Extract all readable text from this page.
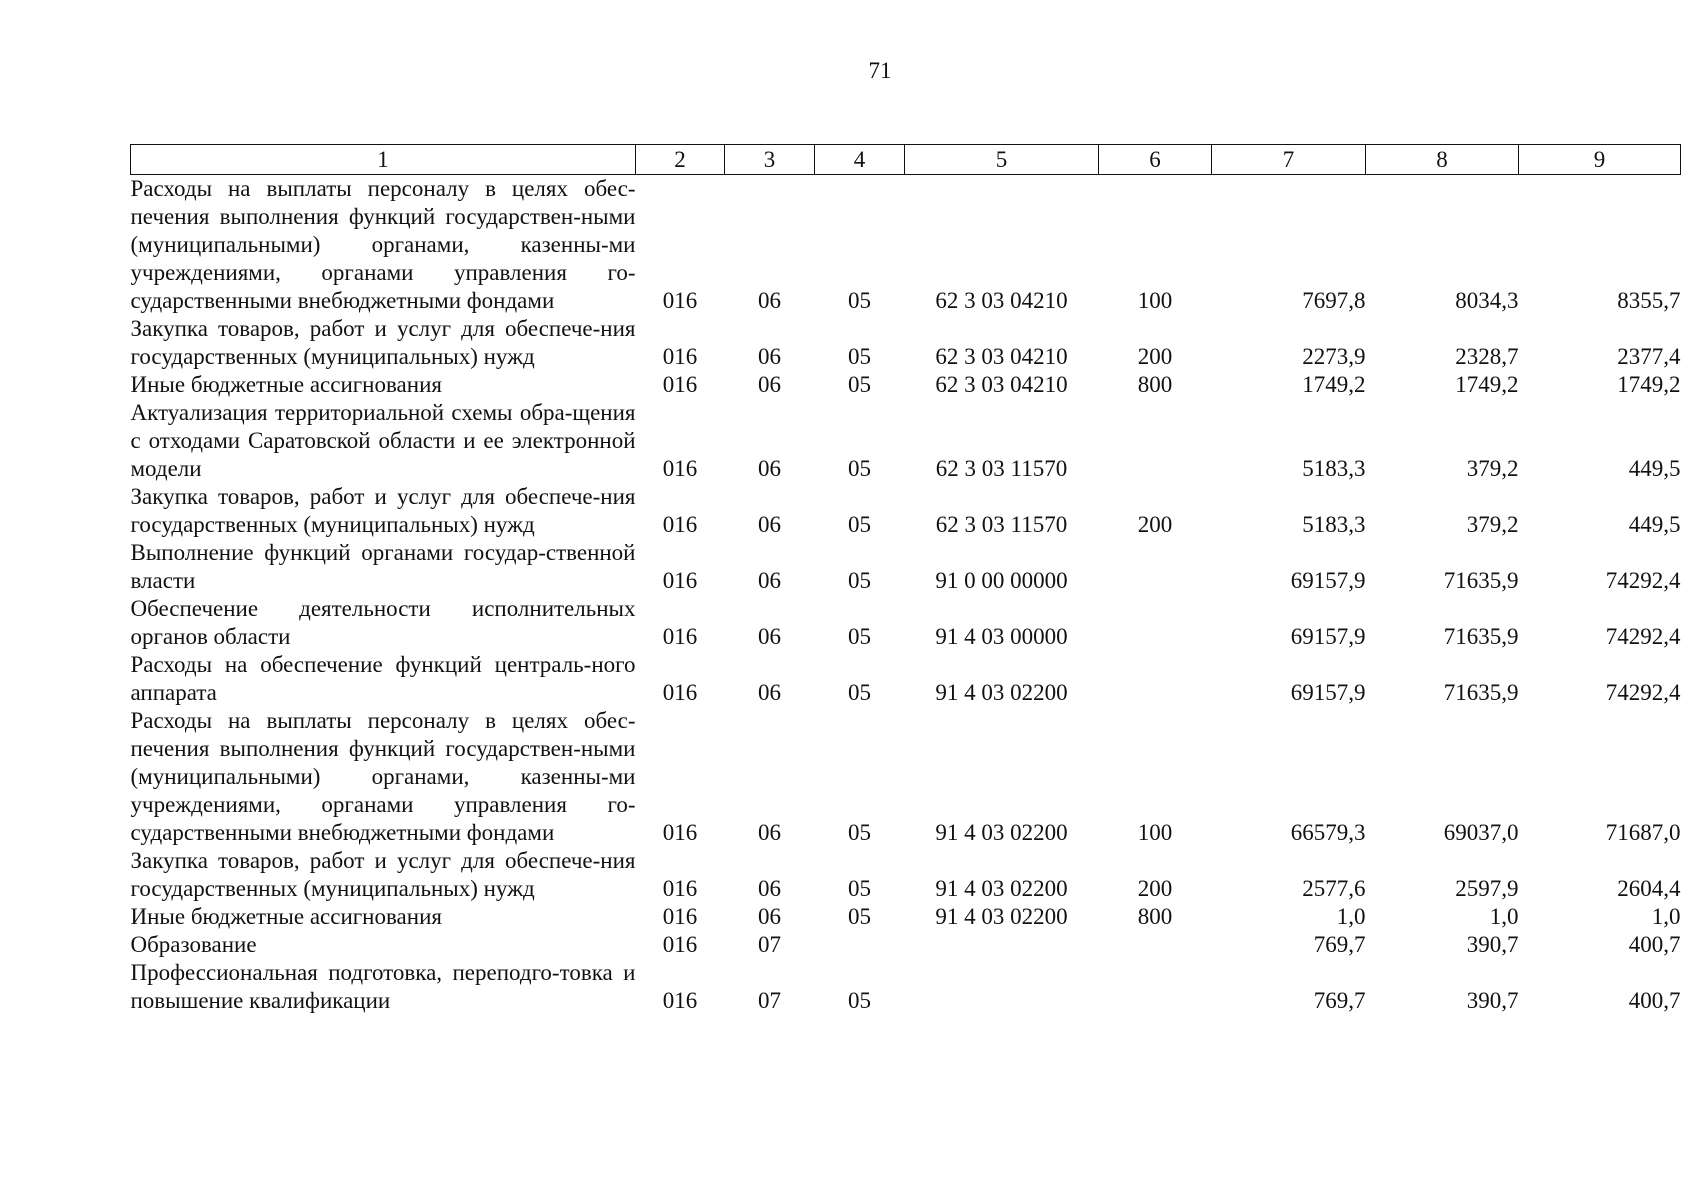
71
1	2	3	4	5	6	7	8	9
Расходы на выплаты персоналу в целях обес-печения выполнения функций государствен-ными (муниципальными) органами, казенны-ми учреждениями, органами управления го-сударственными внебюджетными фондами	016	06	05	62 3 03 04210	100	7697,8	8034,3	8355,7
Закупка товаров, работ и услуг для обеспече-ния государственных (муниципальных) нужд	016	06	05	62 3 03 04210	200	2273,9	2328,7	2377,4
Иные бюджетные ассигнования	016	06	05	62 3 03 04210	800	1749,2	1749,2	1749,2
Актуализация территориальной схемы обра-щения с отходами Саратовской области и ее электронной модели	016	06	05	62 3 03 11570		5183,3	379,2	449,5
Закупка товаров, работ и услуг для обеспече-ния государственных (муниципальных) нужд	016	06	05	62 3 03 11570	200	5183,3	379,2	449,5
Выполнение функций органами государ-ственной власти	016	06	05	91 0 00 00000		69157,9	71635,9	74292,4
Обеспечение деятельности исполнительных органов области	016	06	05	91 4 03 00000		69157,9	71635,9	74292,4
Расходы на обеспечение функций централь-ного аппарата	016	06	05	91 4 03 02200		69157,9	71635,9	74292,4
Расходы на выплаты персоналу в целях обес-печения выполнения функций государствен-ными (муниципальными) органами, казенны-ми учреждениями, органами управления го-сударственными внебюджетными фондами	016	06	05	91 4 03 02200	100	66579,3	69037,0	71687,0
Закупка товаров, работ и услуг для обеспече-ния государственных (муниципальных) нужд	016	06	05	91 4 03 02200	200	2577,6	2597,9	2604,4
Иные бюджетные ассигнования	016	06	05	91 4 03 02200	800	1,0	1,0	1,0
Образование	016	07				769,7	390,7	400,7
Профессиональная подготовка, переподго-товка и повышение квалификации	016	07	05			769,7	390,7	400,7
